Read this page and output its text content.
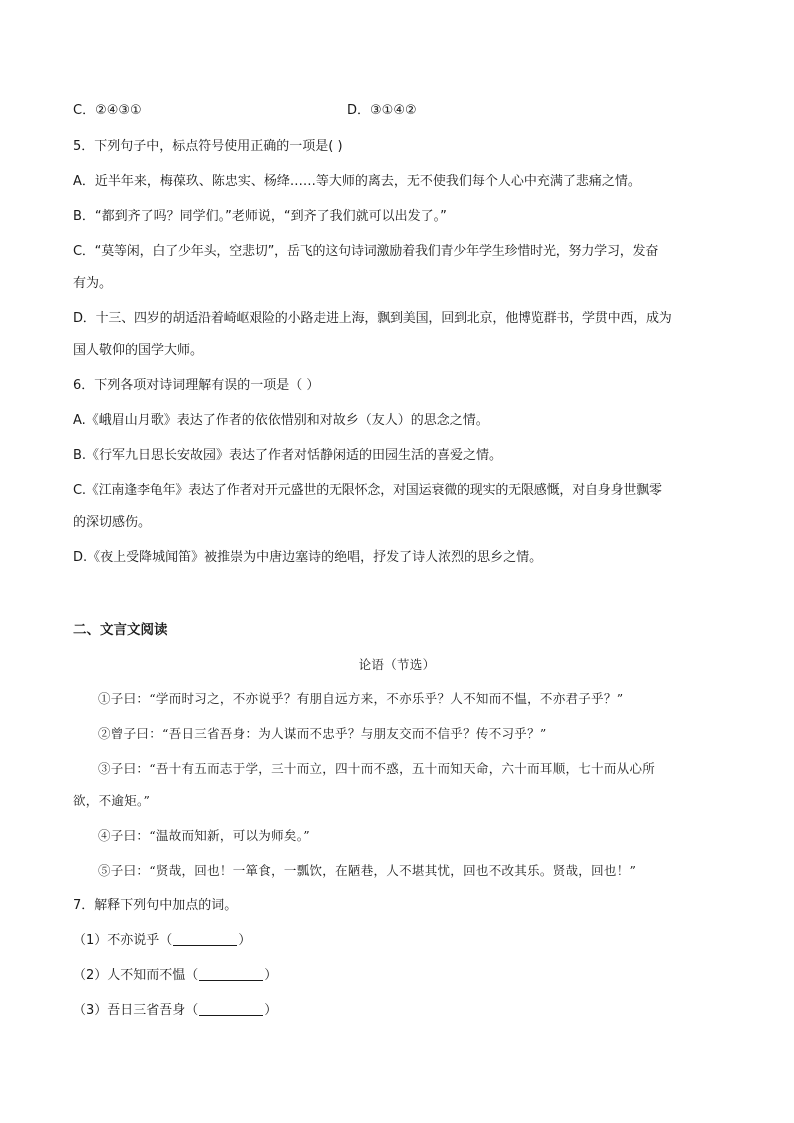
C．②④③①	D．③①④②
5．下列句子中，标点符号使用正确的一项是( )
A．近半年来，梅葆玖、陈忠实、杨绛……等大师的离去，无不使我们每个人心中充满了悲痛之情。
B．“都到齐了吗？同学们。”老师说，“到齐了我们就可以出发了。”
C．“莫等闲，白了少年头，空悲切”，岳飞的这句诗词激励着我们青少年学生珍惜时光，努力学习，发奋
有为。
D．十三、四岁的胡适沿着崎岖艰险的小路走进上海，飘到美国，回到北京，他博览群书，学贯中西，成为
国人敬仰的国学大师。
6．下列各项对诗词理解有误的一项是（ ）
A.《峨眉山月歌》表达了作者的依依惜别和对故乡（友人）的思念之情。
B.《行军九日思长安故园》表达了作者对恬静闲适的田园生活的喜爱之情。
C.《江南逢李龟年》表达了作者对开元盛世的无限怀念，对国运衰微的现实的无限感慨，对自身身世飘零
的深切感伤。
D.《夜上受降城闻笛》被推崇为中唐边塞诗的绝唱，抒发了诗人浓烈的思乡之情。
二、文言文阅读
论语（节选）
①子曰：“学而时习之，不亦说乎？有朋自远方来，不亦乐乎？人不知而不愠，不亦君子乎？”
②曾子曰：“吾日三省吾身：为人谋而不忠乎？与朋友交而不信乎？传不习乎？”
③子曰：“吾十有五而志于学，三十而立，四十而不惑，五十而知天命，六十而耳顺，七十而从心所
欲，不逾矩。”
④子曰：“温故而知新，可以为师矣。”
⑤子曰：“贤哉，回也！一箪食，一瓢饮，在陋巷，人不堪其忧，回也不改其乐。贤哉，回也！”
7．解释下列句中加点的词。
（1）不亦说乎（	）
（2）人不知而不愠（	）
（3）吾日三省吾身（	）
